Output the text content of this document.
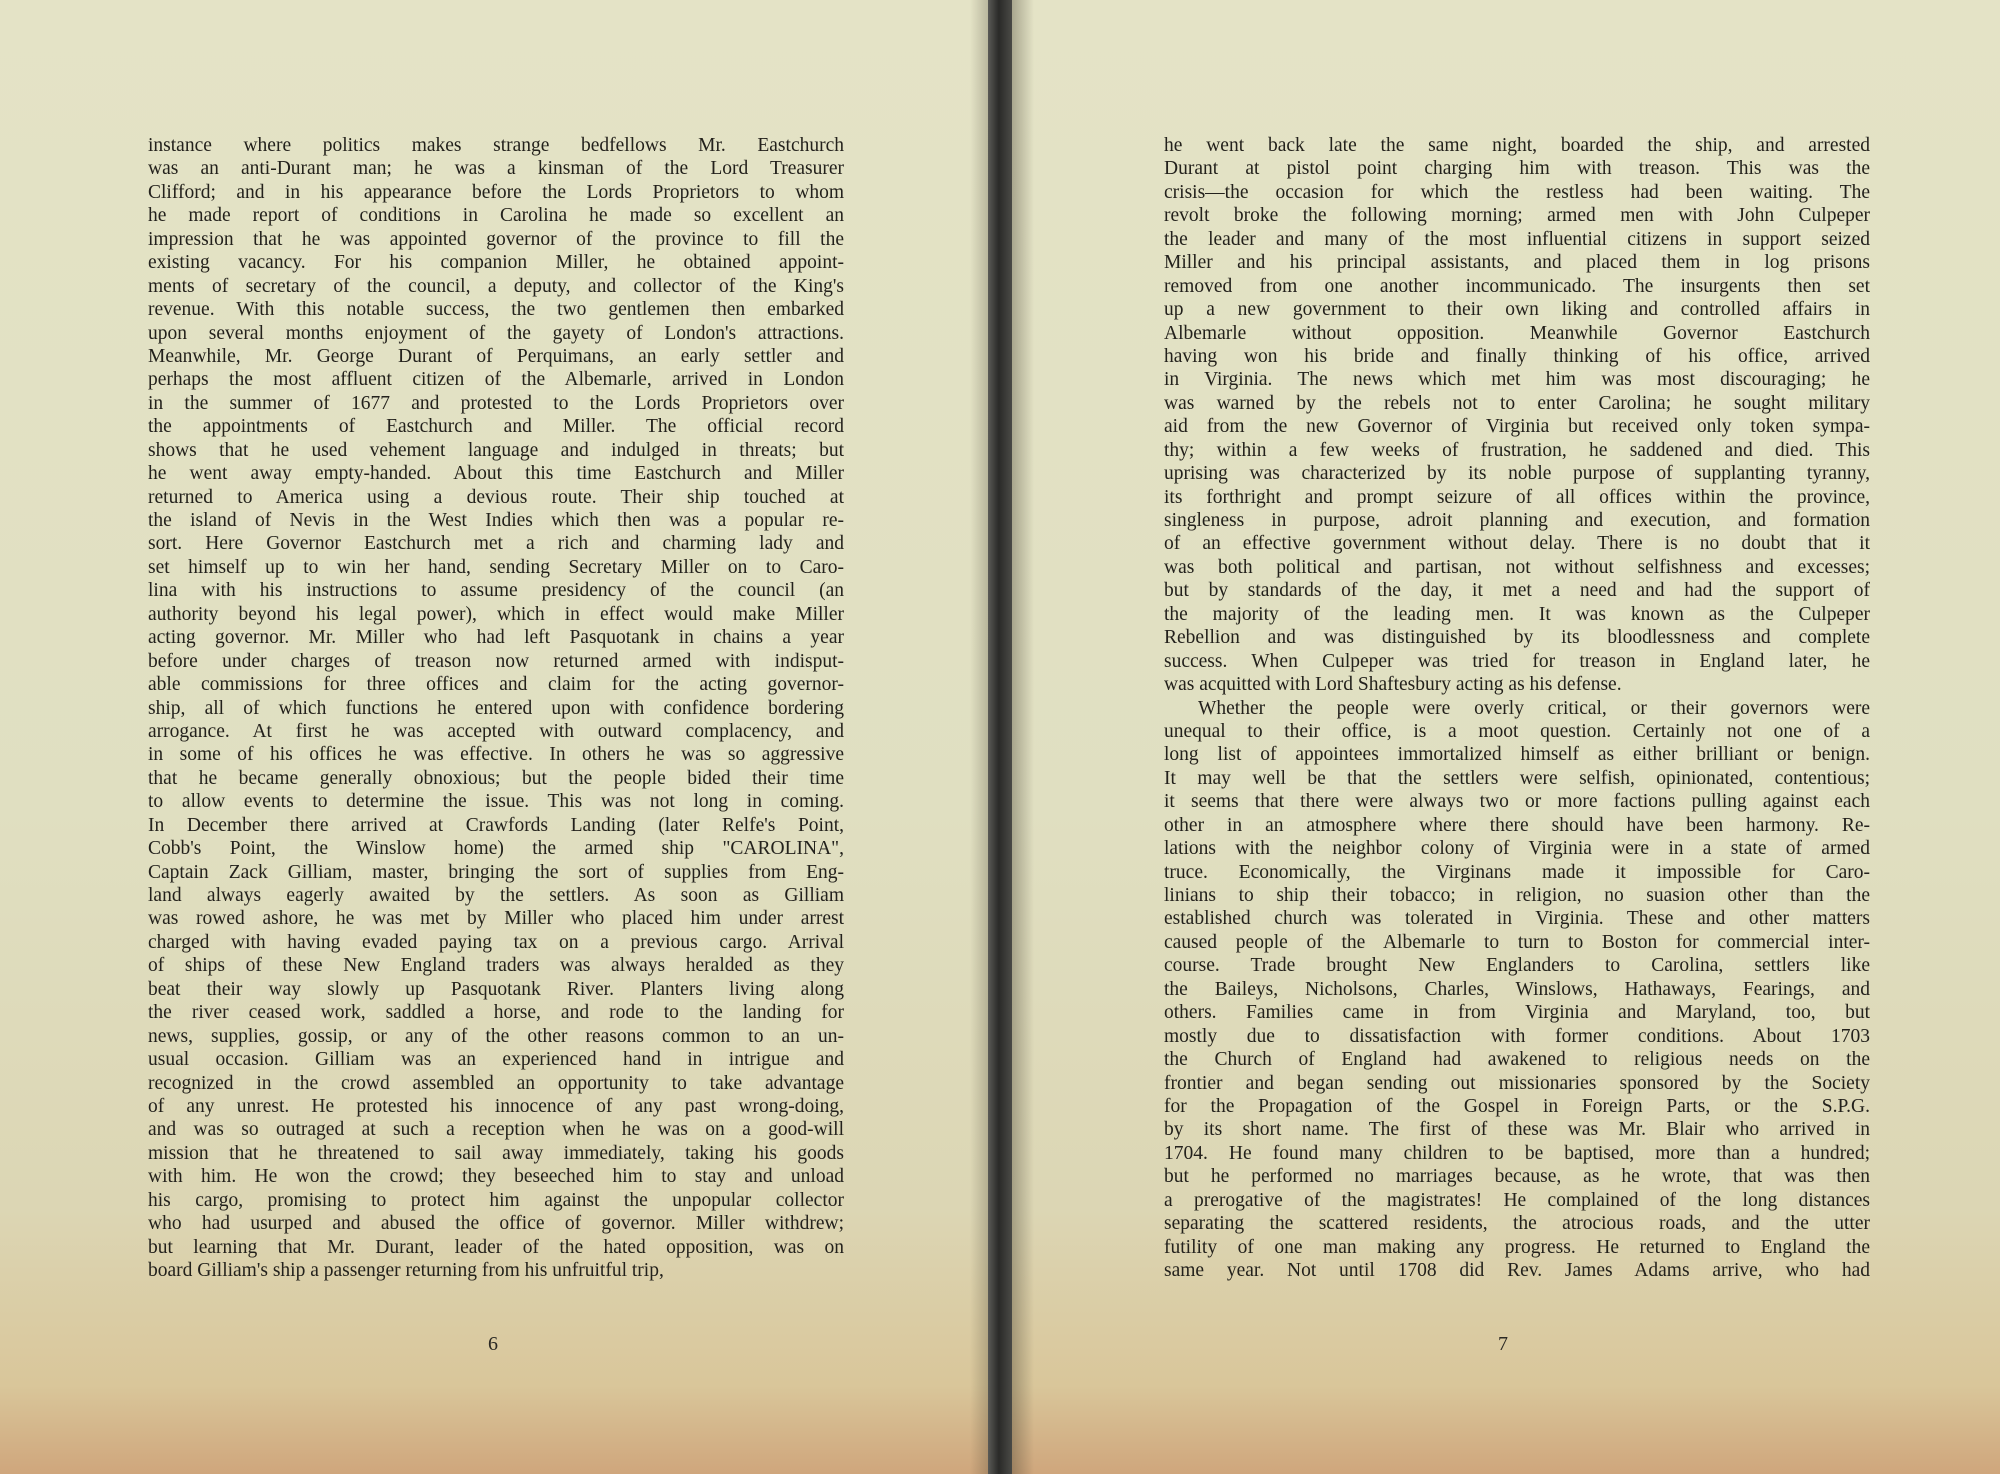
instance where politics makes strange bedfellows Mr. Eastchurch
was an anti-Durant man; he was a kinsman of the Lord Treasurer
Clifford; and in his appearance before the Lords Proprietors to whom
he made report of conditions in Carolina he made so excellent an
impression that he was appointed governor of the province to fill the
existing vacancy. For his companion Miller, he obtained appoint-
ments of secretary of the council, a deputy, and collector of the King's
revenue. With this notable success, the two gentlemen then embarked
upon several months enjoyment of the gayety of London's attractions.
Meanwhile, Mr. George Durant of Perquimans, an early settler and
perhaps the most affluent citizen of the Albemarle, arrived in London
in the summer of 1677 and protested to the Lords Proprietors over
the appointments of Eastchurch and Miller. The official record
shows that he used vehement language and indulged in threats; but
he went away empty-handed. About this time Eastchurch and Miller
returned to America using a devious route. Their ship touched at
the island of Nevis in the West Indies which then was a popular re-
sort. Here Governor Eastchurch met a rich and charming lady and
set himself up to win her hand, sending Secretary Miller on to Caro-
lina with his instructions to assume presidency of the council (an
authority beyond his legal power), which in effect would make Miller
acting governor. Mr. Miller who had left Pasquotank in chains a year
before under charges of treason now returned armed with indisput-
able commissions for three offices and claim for the acting governor-
ship, all of which functions he entered upon with confidence bordering
arrogance. At first he was accepted with outward complacency, and
in some of his offices he was effective. In others he was so aggressive
that he became generally obnoxious; but the people bided their time
to allow events to determine the issue. This was not long in coming.
In December there arrived at Crawfords Landing (later Relfe's Point,
Cobb's Point, the Winslow home) the armed ship "CAROLINA",
Captain Zack Gilliam, master, bringing the sort of supplies from Eng-
land always eagerly awaited by the settlers. As soon as Gilliam
was rowed ashore, he was met by Miller who placed him under arrest
charged with having evaded paying tax on a previous cargo. Arrival
of ships of these New England traders was always heralded as they
beat their way slowly up Pasquotank River. Planters living along
the river ceased work, saddled a horse, and rode to the landing for
news, supplies, gossip, or any of the other reasons common to an un-
usual occasion. Gilliam was an experienced hand in intrigue and
recognized in the crowd assembled an opportunity to take advantage
of any unrest. He protested his innocence of any past wrong-doing,
and was so outraged at such a reception when he was on a good-will
mission that he threatened to sail away immediately, taking his goods
with him. He won the crowd; they beseeched him to stay and unload
his cargo, promising to protect him against the unpopular collector
who had usurped and abused the office of governor. Miller withdrew;
but learning that Mr. Durant, leader of the hated opposition, was on
board Gilliam's ship a passenger returning from his unfruitful trip,
6
he went back late the same night, boarded the ship, and arrested
Durant at pistol point charging him with treason. This was the
crisis—the occasion for which the restless had been waiting. The
revolt broke the following morning; armed men with John Culpeper
the leader and many of the most influential citizens in support seized
Miller and his principal assistants, and placed them in log prisons
removed from one another incommunicado. The insurgents then set
up a new government to their own liking and controlled affairs in
Albemarle without opposition. Meanwhile Governor Eastchurch
having won his bride and finally thinking of his office, arrived
in Virginia. The news which met him was most discouraging; he
was warned by the rebels not to enter Carolina; he sought military
aid from the new Governor of Virginia but received only token sympa-
thy; within a few weeks of frustration, he saddened and died. This
uprising was characterized by its noble purpose of supplanting tyranny,
its forthright and prompt seizure of all offices within the province,
singleness in purpose, adroit planning and execution, and formation
of an effective government without delay. There is no doubt that it
was both political and partisan, not without selfishness and excesses;
but by standards of the day, it met a need and had the support of
the majority of the leading men. It was known as the Culpeper
Rebellion and was distinguished by its bloodlessness and complete
success. When Culpeper was tried for treason in England later, he
was acquitted with Lord Shaftesbury acting as his defense.
Whether the people were overly critical, or their governors were
unequal to their office, is a moot question. Certainly not one of a
long list of appointees immortalized himself as either brilliant or benign.
It may well be that the settlers were selfish, opinionated, contentious;
it seems that there were always two or more factions pulling against each
other in an atmosphere where there should have been harmony. Re-
lations with the neighbor colony of Virginia were in a state of armed
truce. Economically, the Virginans made it impossible for Caro-
linians to ship their tobacco; in religion, no suasion other than the
established church was tolerated in Virginia. These and other matters
caused people of the Albemarle to turn to Boston for commercial inter-
course. Trade brought New Englanders to Carolina, settlers like
the Baileys, Nicholsons, Charles, Winslows, Hathaways, Fearings, and
others. Families came in from Virginia and Maryland, too, but
mostly due to dissatisfaction with former conditions. About 1703
the Church of England had awakened to religious needs on the
frontier and began sending out missionaries sponsored by the Society
for the Propagation of the Gospel in Foreign Parts, or the S.P.G.
by its short name. The first of these was Mr. Blair who arrived in
1704. He found many children to be baptised, more than a hundred;
but he performed no marriages because, as he wrote, that was then
a prerogative of the magistrates! He complained of the long distances
separating the scattered residents, the atrocious roads, and the utter
futility of one man making any progress. He returned to England the
same year. Not until 1708 did Rev. James Adams arrive, who had
7
